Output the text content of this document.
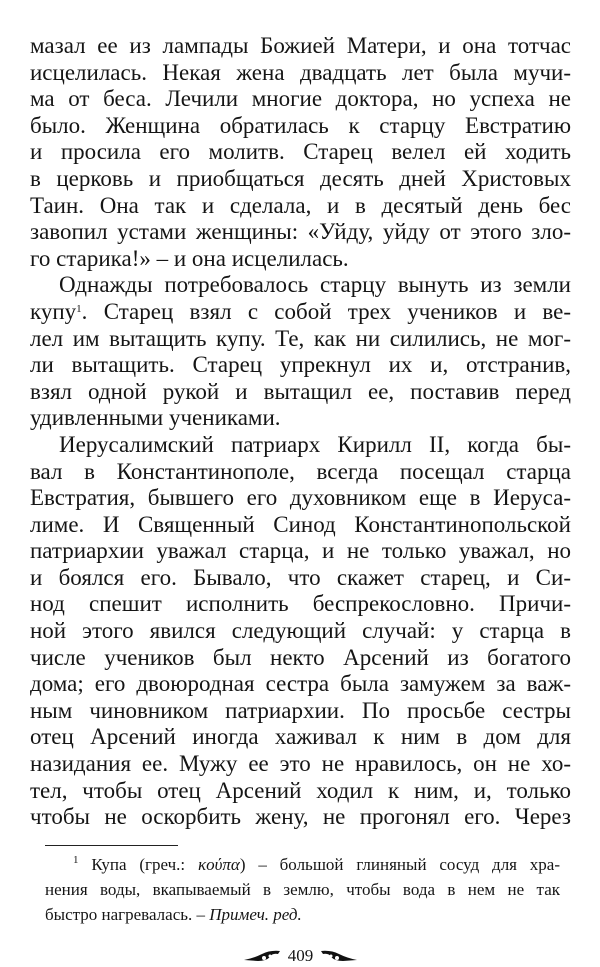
мазал ее из лампады Божией Матери, и она тотчас
исцелилась. Некая жена двадцать лет была мучи-
ма от беса. Лечили многие доктора, но успеха не
было. Женщина обратилась к старцу Евстратию
и просила его молитв. Старец велел ей ходить
в церковь и приобщаться десять дней Христовых
Таин. Она так и сделала, и в десятый день бес
завопил устами женщины: «Уйду, уйду от этого зло-
го старика!» – и она исцелилась.
Однажды потребовалось старцу вынуть из земли
купу$^1$. Старец взял с собой трех учеников и ве-
лел им вытащить купу. Те, как ни силились, не мог-
ли вытащить. Старец упрекнул их и, отстранив,
взял одной рукой и вытащил ее, поставив перед
удивленными учениками.
Иерусалимский патриарх Кирилл II, когда бы-
вал в Константинополе, всегда посещал старца
Евстратия, бывшего его духовником еще в Иеруса-
лиме. И Священный Синод Константинопольской
патриархии уважал старца, и не только уважал, но
и боялся его. Бывало, что скажет старец, и Си-
нод спешит исполнить беспрекословно. Причи-
ной этого явился следующий случай: у старца в
числе учеников был некто Арсений из богатого
дома; его двоюродная сестра была замужем за важ-
ным чиновником патриархии. По просьбе сестры
отец Арсений иногда хаживал к ним в дом для
назидания ее. Мужу ее это не нравилось, он не хо-
тел, чтобы отец Арсений ходил к ним, и, только
чтобы не оскорбить жену, не прогонял его. Через
$^1$ Купа (греч.: κούπα) – большой глиняный сосуд для хра-
нения воды, вкапываемый в землю, чтобы вода в нем не так
быстро нагревалась. – Примеч. ред.
409
